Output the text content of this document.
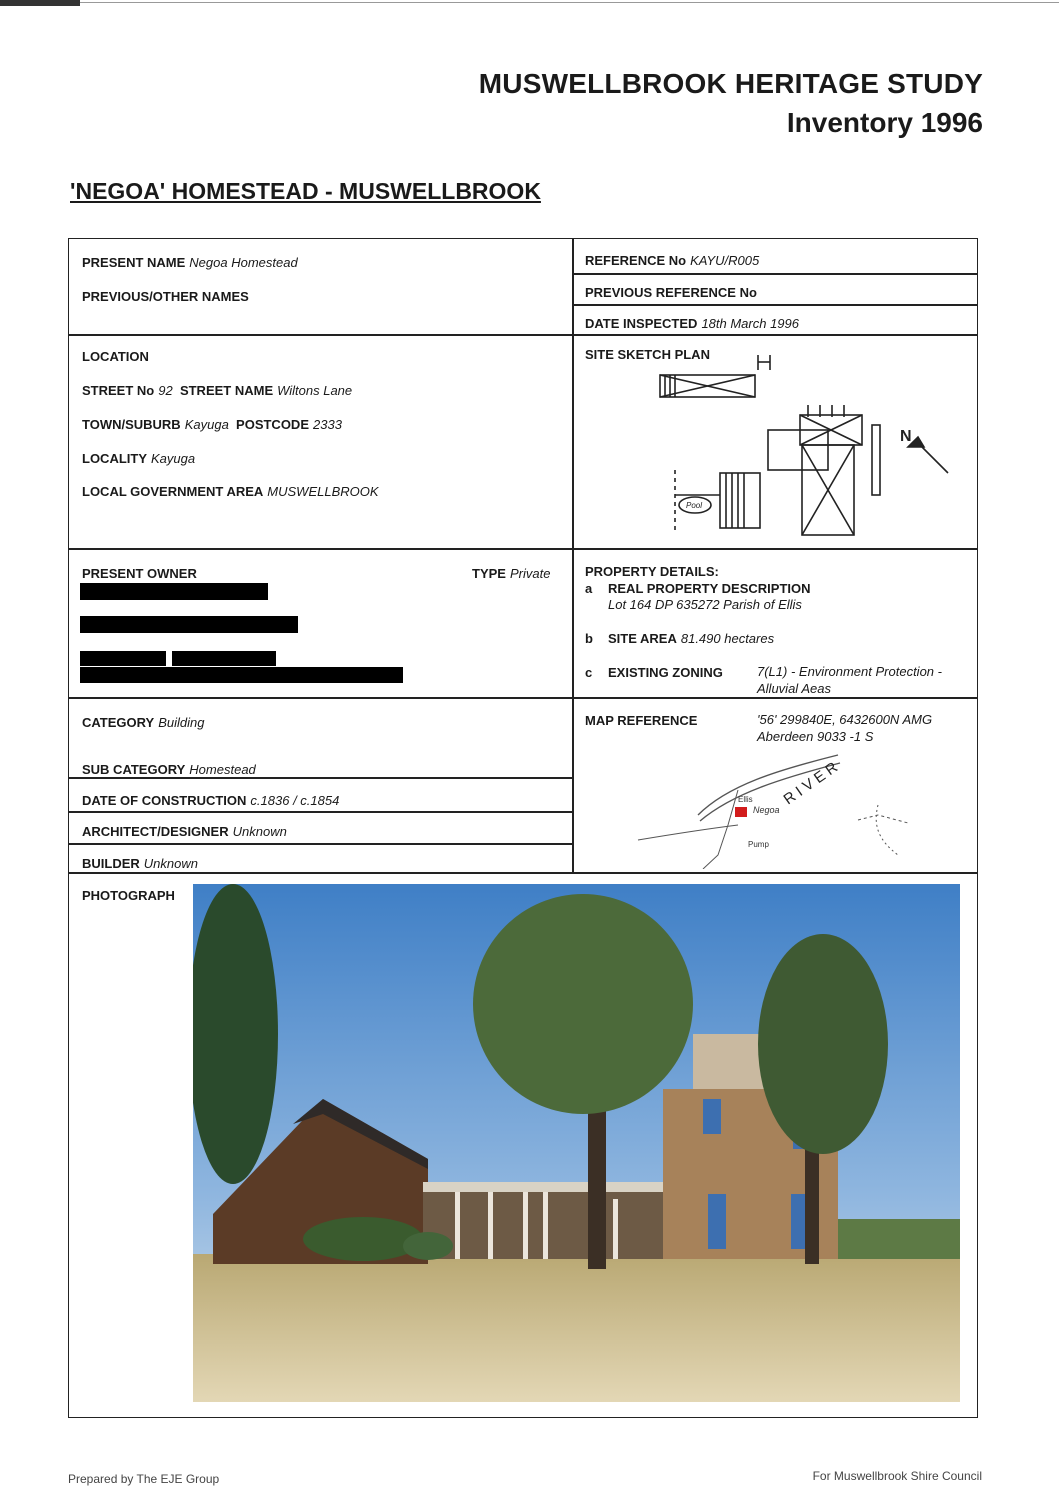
MUSWELLBROOK HERITAGE STUDY
Inventory 1996
'NEGOA' HOMESTEAD - MUSWELLBROOK
PRESENT NAME Negoa Homestead
PREVIOUS/OTHER NAMES
REFERENCE No KAYU/R005
PREVIOUS REFERENCE No
DATE INSPECTED 18th March 1996
LOCATION
STREET No 92 STREET NAME Wiltons Lane
TOWN/SUBURB Kayuga POSTCODE 2333
LOCALITY Kayuga
LOCAL GOVERNMENT AREA MUSWELLBROOK
SITE SKETCH PLAN
N
Pool
PRESENT OWNER	TYPE Private	PROPERTY DETAILS:
a REAL PROPERTY DESCRIPTION
Lot 164 DP 635272 Parish of Ellis
b SITE AREA 81.490 hectares
c EXISTING ZONING	7(L1) - Environment Protection -
Alluvial Aeas
CATEGORY Building
SUB CATEGORY Homestead
DATE OF CONSTRUCTION c.1836 / c.1854
ARCHITECT/DESIGNER Unknown
BUILDER Unknown
MAP REFERENCE	'56' 299840E, 6432600N AMG
Aberdeen 9033 -1 S
Negoa
Ellis
Pump
RIVER
PHOTOGRAPH
Prepared by The EJE Group	For Muswellbrook Shire Council
